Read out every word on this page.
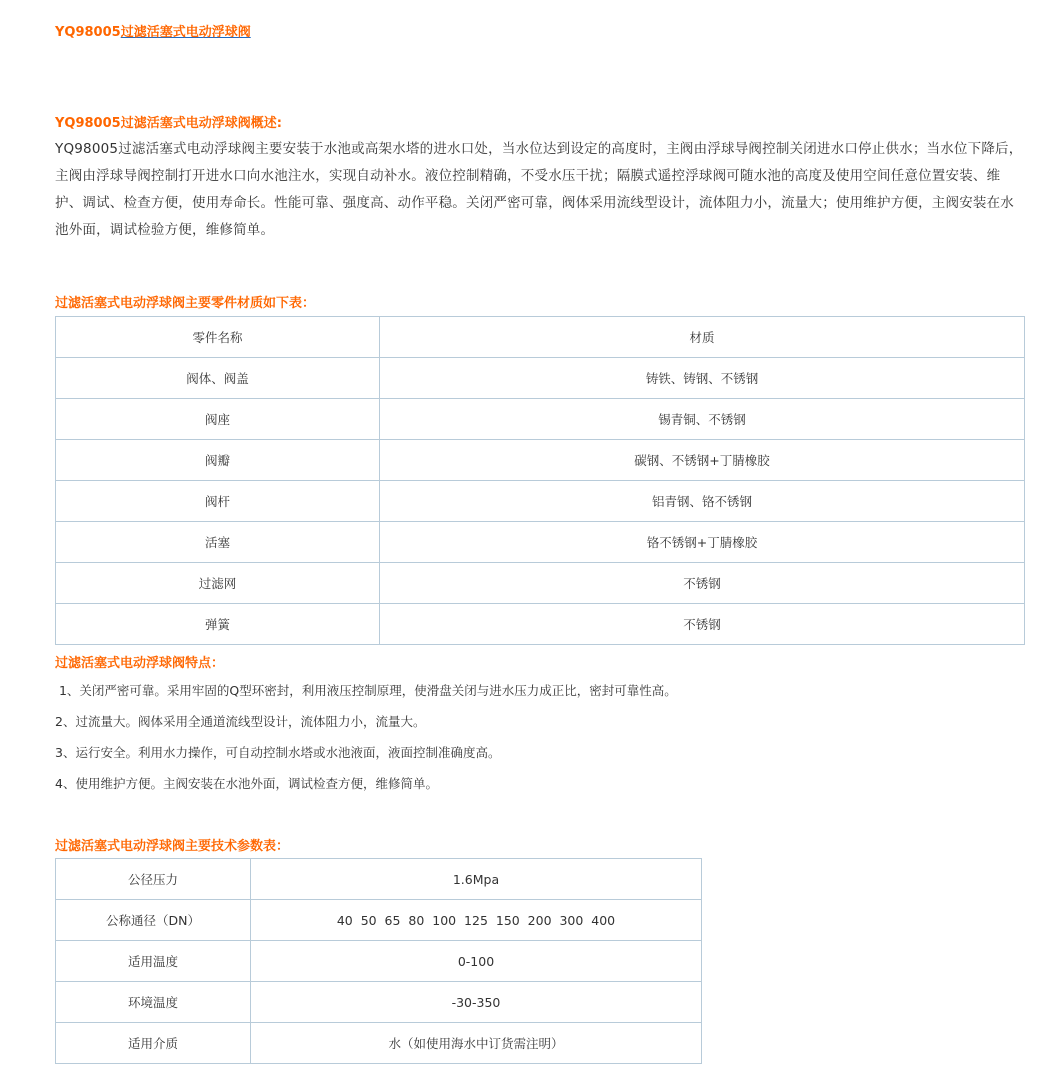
YQ98005过滤活塞式电动浮球阀
YQ98005过滤活塞式电动浮球阀概述:
YQ98005过滤活塞式电动浮球阀主要安装于水池或高架水塔的进水口处，当水位达到设定的高度时，主阀由浮球导阀控制关闭进水口停止供水；当水位下降后，主阀由浮球导阀控制打开进水口向水池注水，实现自动补水。液位控制精确，不受水压干扰；隔膜式遥控浮球阀可随水池的高度及使用空间任意位置安装、维护、调试、检查方便，使用寿命长。性能可靠、强度高、动作平稳。关闭严密可靠，阀体采用流线型设计，流体阻力小，流量大；使用维护方便，主阀安装在水池外面，调试检验方便，维修简单。
过滤活塞式电动浮球阀主要零件材质如下表：
零件名称	材质
阀体、阀盖	铸铁、铸钢、不锈钢
阀座	锡青铜、不锈钢
阀瓣	碳钢、不锈钢+丁腈橡胶
阀杆	铝青钢、铬不锈钢
活塞	铬不锈钢+丁腈橡胶
过滤网	不锈钢
弹簧	不锈钢
过滤活塞式电动浮球阀特点：
1、关闭严密可靠。采用牢固的Q型环密封，利用液压控制原理，使滑盘关闭与进水压力成正比，密封可靠性高。
2、过流量大。阀体采用全通道流线型设计，流体阻力小，流量大。
3、运行安全。利用水力操作，可自动控制水塔或水池液面，液面控制准确度高。
4、使用维护方便。主阀安装在水池外面，调试检查方便，维修简单。
过滤活塞式电动浮球阀主要技术参数表：
公径压力	1.6Mpa
公称通径（DN）	40  50  65  80  100  125  150  200  300  400
适用温度	0-100
环境温度	-30-350
适用介质	水（如使用海水中订货需注明）
